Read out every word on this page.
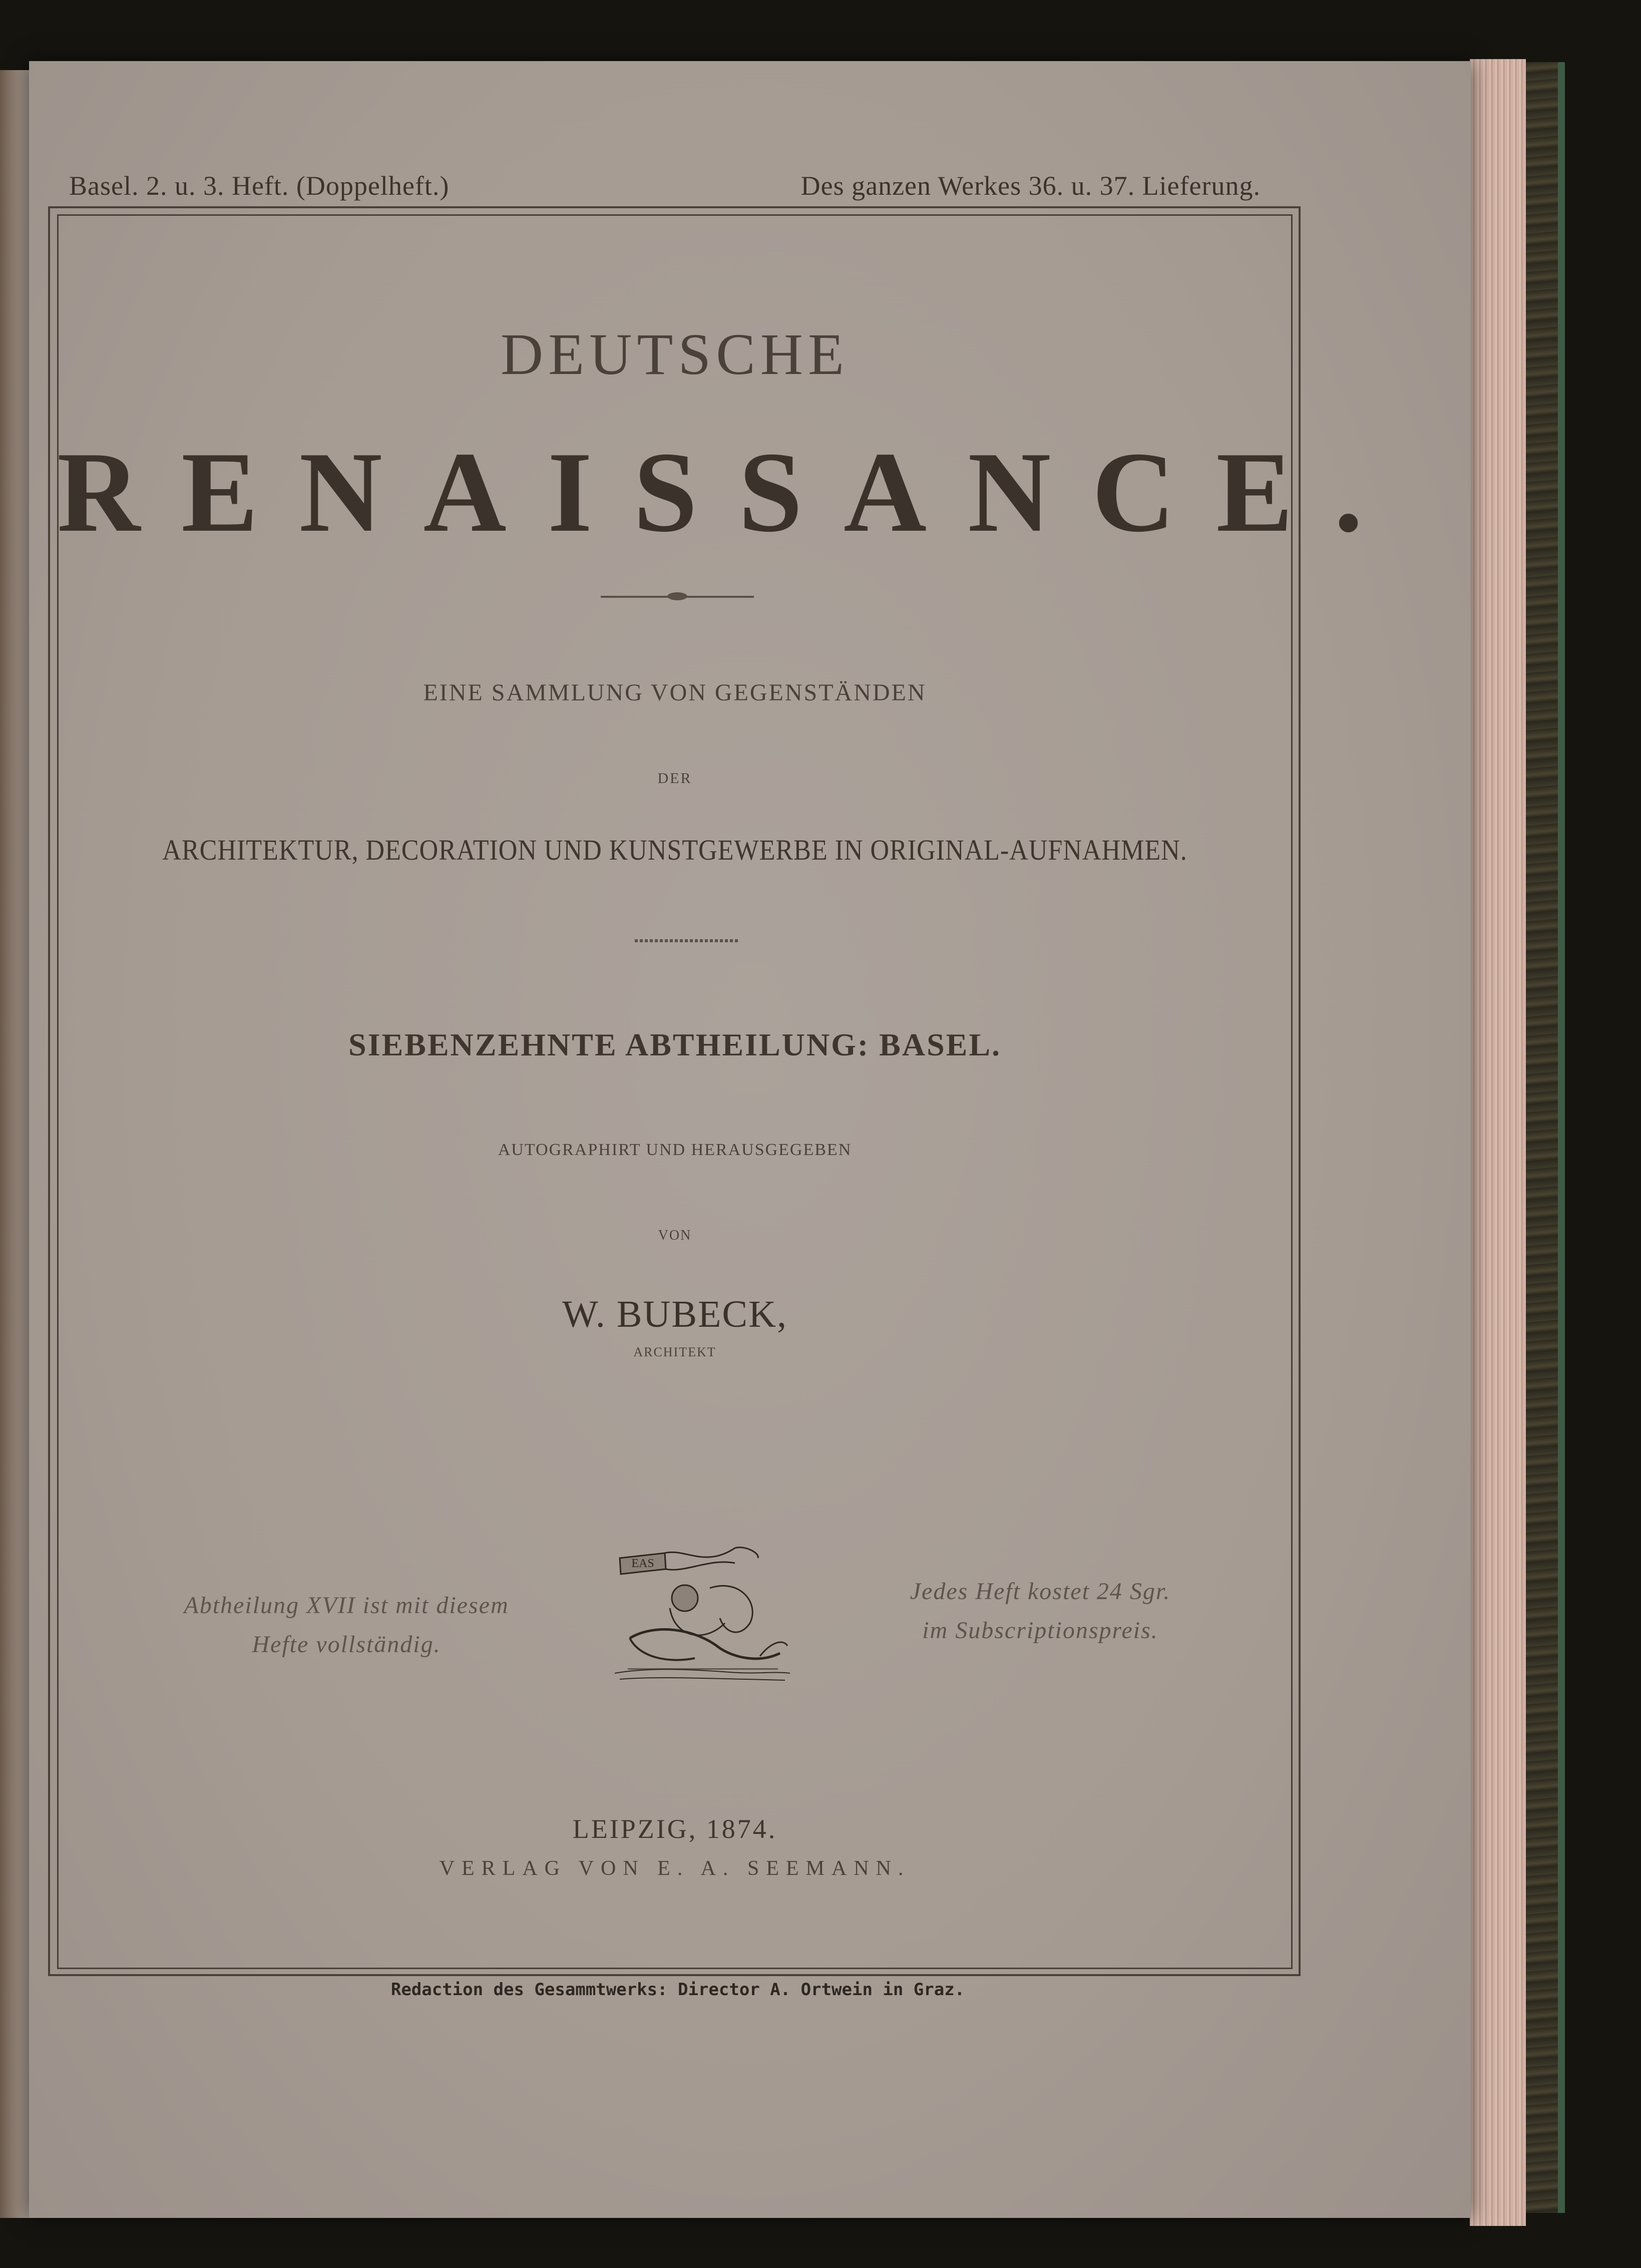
Basel. 2. u. 3. Heft. (Doppelheft.)	Des ganzen Werkes 36. u. 37. Lieferung.
DEUTSCHE
RENAISSANCE.
EINE SAMMLUNG VON GEGENSTÄNDEN
DER
ARCHITEKTUR, DECORATION UND KUNSTGEWERBE IN ORIGINAL-AUFNAHMEN.
SIEBENZEHNTE ABTHEILUNG: BASEL.
AUTOGRAPHIRT UND HERAUSGEGEBEN
VON
W. BUBECK,
ARCHITEKT
Abtheilung XVII ist mit diesem
Hefte vollständig.
EAS
Jedes Heft kostet 24 Sgr.
im Subscriptionspreis.
LEIPZIG, 1874.
VERLAG VON E. A. SEEMANN.
Redaction des Gesammtwerks: Director A. Ortwein in Graz.
